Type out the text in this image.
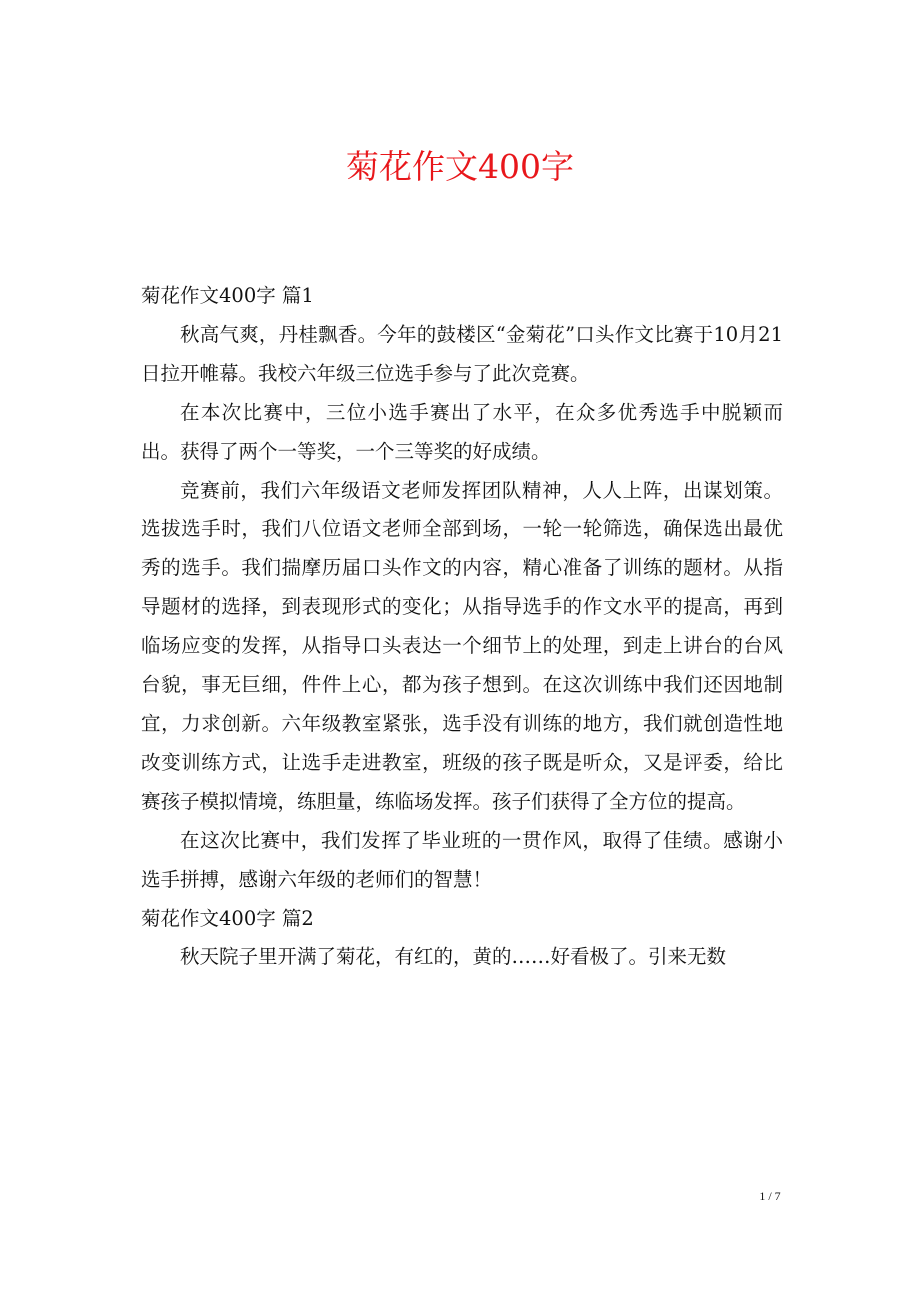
菊花作文400字

菊花作文400字 篇1

秋高气爽，丹桂飘香。今年的鼓楼区“金菊花”口头作文比赛于10月21日拉开帷幕。我校六年级三位选手参与了此次竞赛。

在本次比赛中，三位小选手赛出了水平，在众多优秀选手中脱颖而出。获得了两个一等奖，一个三等奖的好成绩。

竞赛前，我们六年级语文老师发挥团队精神，人人上阵，出谋划策。选拔选手时，我们八位语文老师全部到场，一轮一轮筛选，确保选出最优秀的选手。我们揣摩历届口头作文的内容，精心准备了训练的题材。从指导题材的选择，到表现形式的变化；从指导选手的作文水平的提高，再到临场应变的发挥，从指导口头表达一个细节上的处理，到走上讲台的台风台貌，事无巨细，件件上心，都为孩子想到。在这次训练中我们还因地制宜，力求创新。六年级教室紧张，选手没有训练的地方，我们就创造性地改变训练方式，让选手走进教室，班级的孩子既是听众，又是评委，给比赛孩子模拟情境，练胆量，练临场发挥。孩子们获得了全方位的提高。

在这次比赛中，我们发挥了毕业班的一贯作风，取得了佳绩。感谢小选手拼搏，感谢六年级的老师们的智慧！

菊花作文400字 篇2

秋天院子里开满了菊花，有红的，黄的……好看极了。引来无数

1 / 7
